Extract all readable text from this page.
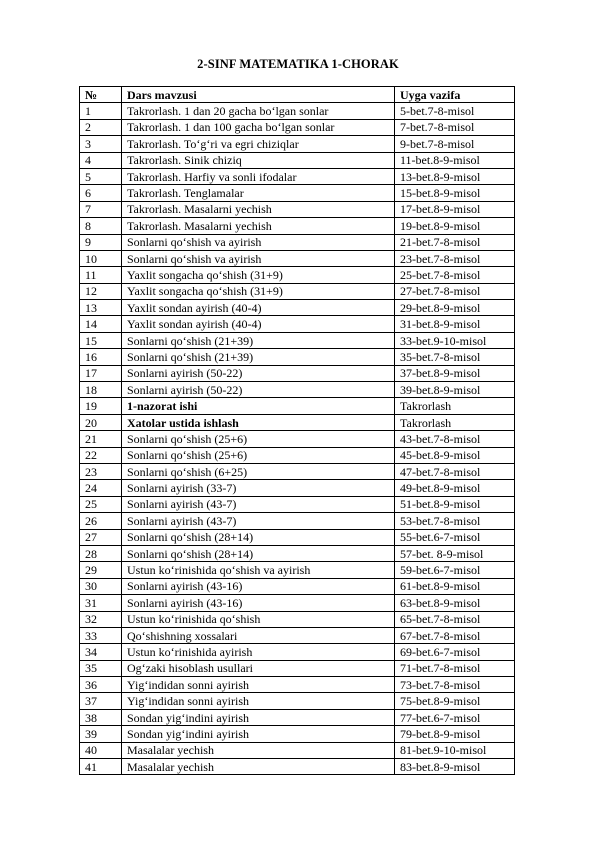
2-SINF MATEMATIKA 1-CHORAK
№	Dars mavzusi	Uyga vazifa
1	Takrorlash. 1 dan 20 gacha bo‘lgan sonlar	5-bet.7-8-misol
2	Takrorlash. 1 dan 100 gacha bo‘lgan sonlar	7-bet.7-8-misol
3	Takrorlash. To‘g‘ri va egri chiziqlar	9-bet.7-8-misol
4	Takrorlash. Sinik chiziq	11-bet.8-9-misol
5	Takrorlash. Harfiy va sonli ifodalar	13-bet.8-9-misol
6	Takrorlash. Tenglamalar	15-bet.8-9-misol
7	Takrorlash. Masalarni yechish	17-bet.8-9-misol
8	Takrorlash. Masalarni yechish	19-bet.8-9-misol
9	Sonlarni qo‘shish va ayirish	21-bet.7-8-misol
10	Sonlarni qo‘shish va ayirish	23-bet.7-8-misol
11	Yaxlit songacha qo‘shish (31+9)	25-bet.7-8-misol
12	Yaxlit songacha qo‘shish (31+9)	27-bet.7-8-misol
13	Yaxlit sondan ayirish (40-4)	29-bet.8-9-misol
14	Yaxlit sondan ayirish (40-4)	31-bet.8-9-misol
15	Sonlarni qo‘shish (21+39)	33-bet.9-10-misol
16	Sonlarni qo‘shish (21+39)	35-bet.7-8-misol
17	Sonlarni ayirish (50-22)	37-bet.8-9-misol
18	Sonlarni ayirish (50-22)	39-bet.8-9-misol
19	1-nazorat ishi	Takrorlash
20	Xatolar ustida ishlash	Takrorlash
21	Sonlarni qo‘shish (25+6)	43-bet.7-8-misol
22	Sonlarni qo‘shish (25+6)	45-bet.8-9-misol
23	Sonlarni qo‘shish (6+25)	47-bet.7-8-misol
24	Sonlarni ayirish (33-7)	49-bet.8-9-misol
25	Sonlarni ayirish (43-7)	51-bet.8-9-misol
26	Sonlarni ayirish (43-7)	53-bet.7-8-misol
27	Sonlarni qo‘shish (28+14)	55-bet.6-7-misol
28	Sonlarni qo‘shish (28+14)	57-bet. 8-9-misol
29	Ustun ko‘rinishida qo‘shish va ayirish	59-bet.6-7-misol
30	Sonlarni ayirish (43-16)	61-bet.8-9-misol
31	Sonlarni ayirish (43-16)	63-bet.8-9-misol
32	Ustun ko‘rinishida qo‘shish	65-bet.7-8-misol
33	Qo‘shishning xossalari	67-bet.7-8-misol
34	Ustun ko‘rinishida ayirish	69-bet.6-7-misol
35	Og‘zaki hisoblash usullari	71-bet.7-8-misol
36	Yig‘indidan sonni ayirish	73-bet.7-8-misol
37	Yig‘indidan sonni ayirish	75-bet.8-9-misol
38	Sondan yig‘indini ayirish	77-bet.6-7-misol
39	Sondan yig‘indini ayirish	79-bet.8-9-misol
40	Masalalar yechish	81-bet.9-10-misol
41	Masalalar yechish	83-bet.8-9-misol
